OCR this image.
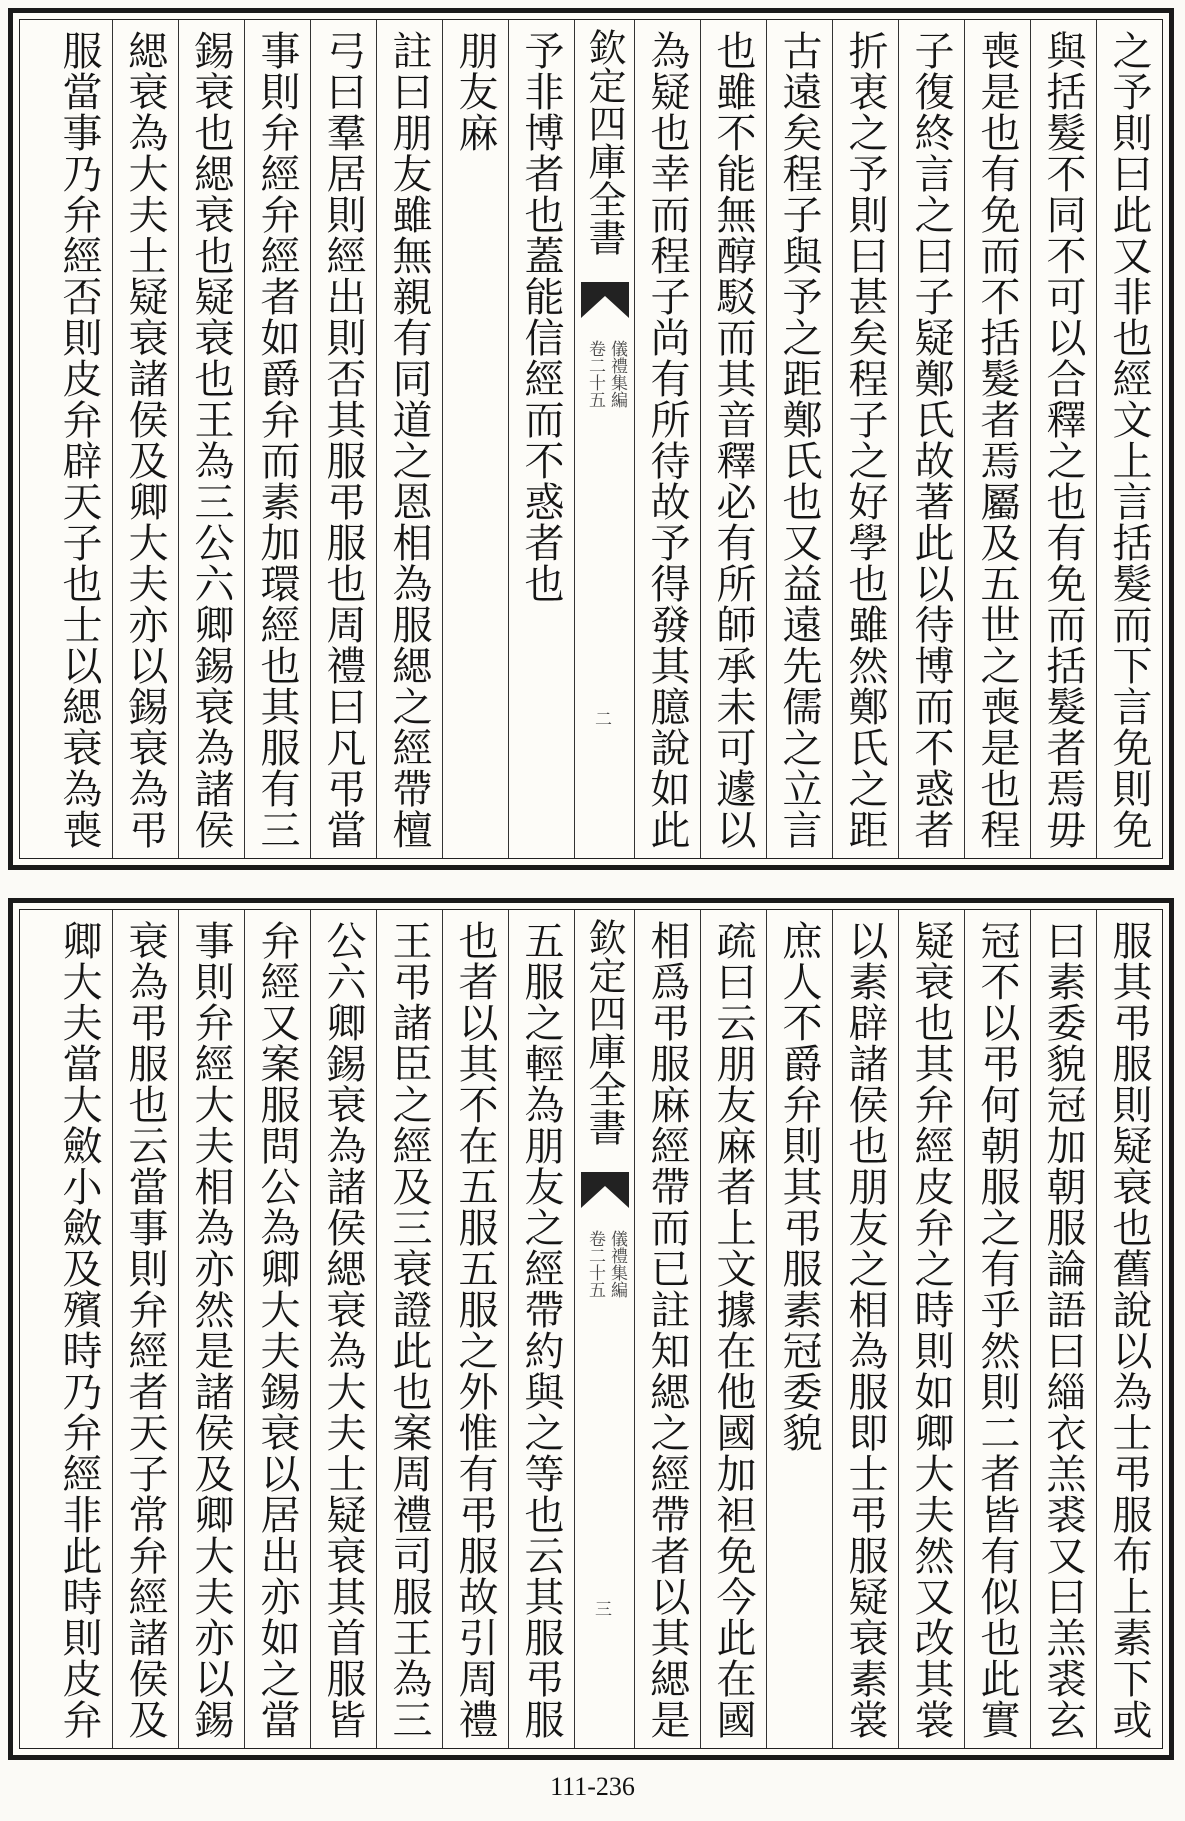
之予則曰此又非也經文上言括髮而下言免則免
與括髮不同不可以合釋之也有免而括髮者焉毋
喪是也有免而不括髮者焉屬及五世之喪是也程
子復終言之曰子疑鄭氏故著此以待博而不惑者
折衷之予則曰甚矣程子之好學也雖然鄭氏之距
古遠矣程子與予之距鄭氏也又益遠先儒之立言
也雖不能無醇駁而其音釋必有所師承未可遽以
為疑也幸而程子尚有所待故予得發其臆說如此
欽定四庫全書
儀禮集編
卷二十五
二
予非博者也蓋能信經而不惑者也
朋友麻
註曰朋友雖無親有同道之恩相為服緦之經帶檀
弓曰羣居則經出則否其服弔服也周禮曰凡弔當
事則弁經弁經者如爵弁而素加環經也其服有三
錫衰也緦衰也疑衰也王為三公六卿錫衰為諸侯
緦衰為大夫士疑衰諸侯及卿大夫亦以錫衰為弔
服當事乃弁經否則皮弁辟天子也士以緦衰為喪
服其弔服則疑衰也舊說以為士弔服布上素下或
曰素委貌冠加朝服論語曰緇衣羔裘又曰羔裘玄
冠不以弔何朝服之有乎然則二者皆有似也此實
疑衰也其弁經皮弁之時則如卿大夫然又改其裳
以素辟諸侯也朋友之相為服即士弔服疑衰素裳
庶人不爵弁則其弔服素冠委貌
疏曰云朋友麻者上文據在他國加袒免今此在國
相爲弔服麻經帶而已註知緦之經帶者以其緦是
欽定四庫全書
儀禮集編
卷二十五
三
五服之輕為朋友之經帶約與之等也云其服弔服
也者以其不在五服五服之外惟有弔服故引周禮
王弔諸臣之經及三衰證此也案周禮司服王為三
公六卿錫衰為諸侯緦衰為大夫士疑衰其首服皆
弁經又案服問公為卿大夫錫衰以居出亦如之當
事則弁經大夫相為亦然是諸侯及卿大夫亦以錫
衰為弔服也云當事則弁經者天子常弁經諸侯及
卿大夫當大斂小斂及殯時乃弁經非此時則皮弁
111-236
